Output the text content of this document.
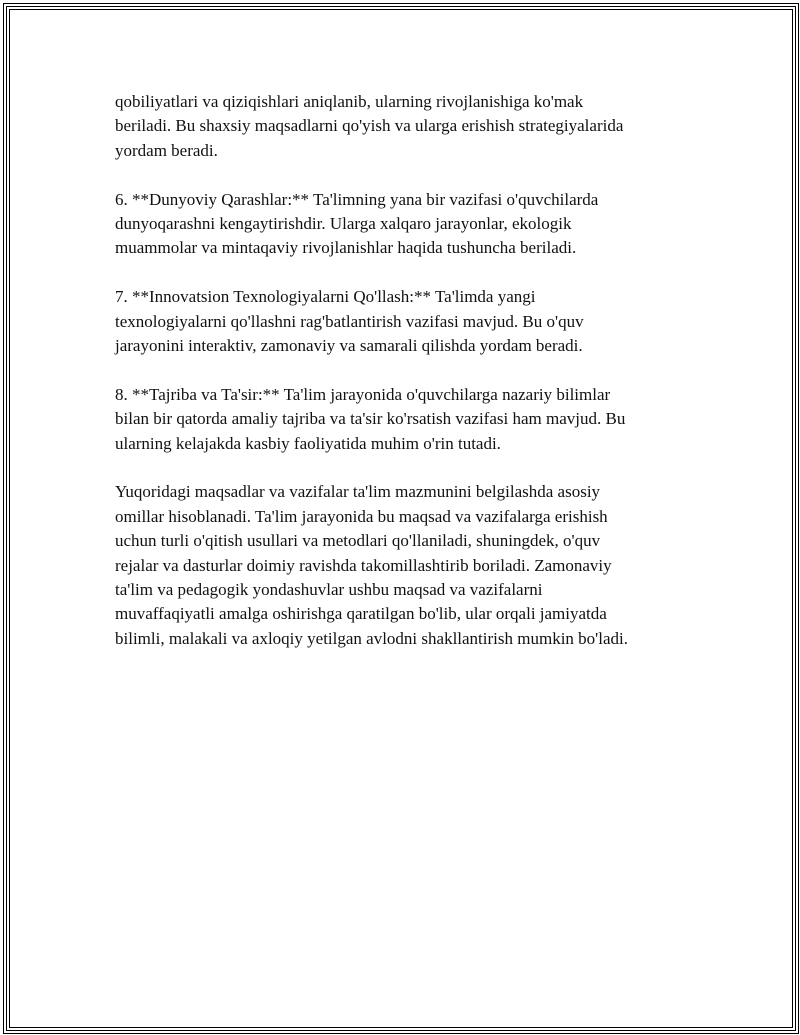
qobiliyatlari va qiziqishlari aniqlanib, ularning rivojlanishiga ko'mak
beriladi. Bu shaxsiy maqsadlarni qo'yish va ularga erishish strategiyalarida
yordam beradi.

6. **Dunyoviy Qarashlar:** Ta'limning yana bir vazifasi o'quvchilarda
dunyoqarashni kengaytirishdir. Ularga xalqaro jarayonlar, ekologik
muammolar va mintaqaviy rivojlanishlar haqida tushuncha beriladi.

7. **Innovatsion Texnologiyalarni Qo'llash:** Ta'limda yangi
texnologiyalarni qo'llashni rag'batlantirish vazifasi mavjud. Bu o'quv
jarayonini interaktiv, zamonaviy va samarali qilishda yordam beradi.

8. **Tajriba va Ta'sir:** Ta'lim jarayonida o'quvchilarga nazariy bilimlar
bilan bir qatorda amaliy tajriba va ta'sir ko'rsatish vazifasi ham mavjud. Bu
ularning kelajakda kasbiy faoliyatida muhim o'rin tutadi.

Yuqoridagi maqsadlar va vazifalar ta'lim mazmunini belgilashda asosiy
omillar hisoblanadi. Ta'lim jarayonida bu maqsad va vazifalarga erishish
uchun turli o'qitish usullari va metodlari qo'llaniladi, shuningdek, o'quv
rejalar va dasturlar doimiy ravishda takomillashtirib boriladi. Zamonaviy
ta'lim va pedagogik yondashuvlar ushbu maqsad va vazifalarni
muvaffaqiyatli amalga oshirishga qaratilgan bo'lib, ular orqali jamiyatda
bilimli, malakali va axloqiy yetilgan avlodni shakllantirish mumkin bo'ladi.
